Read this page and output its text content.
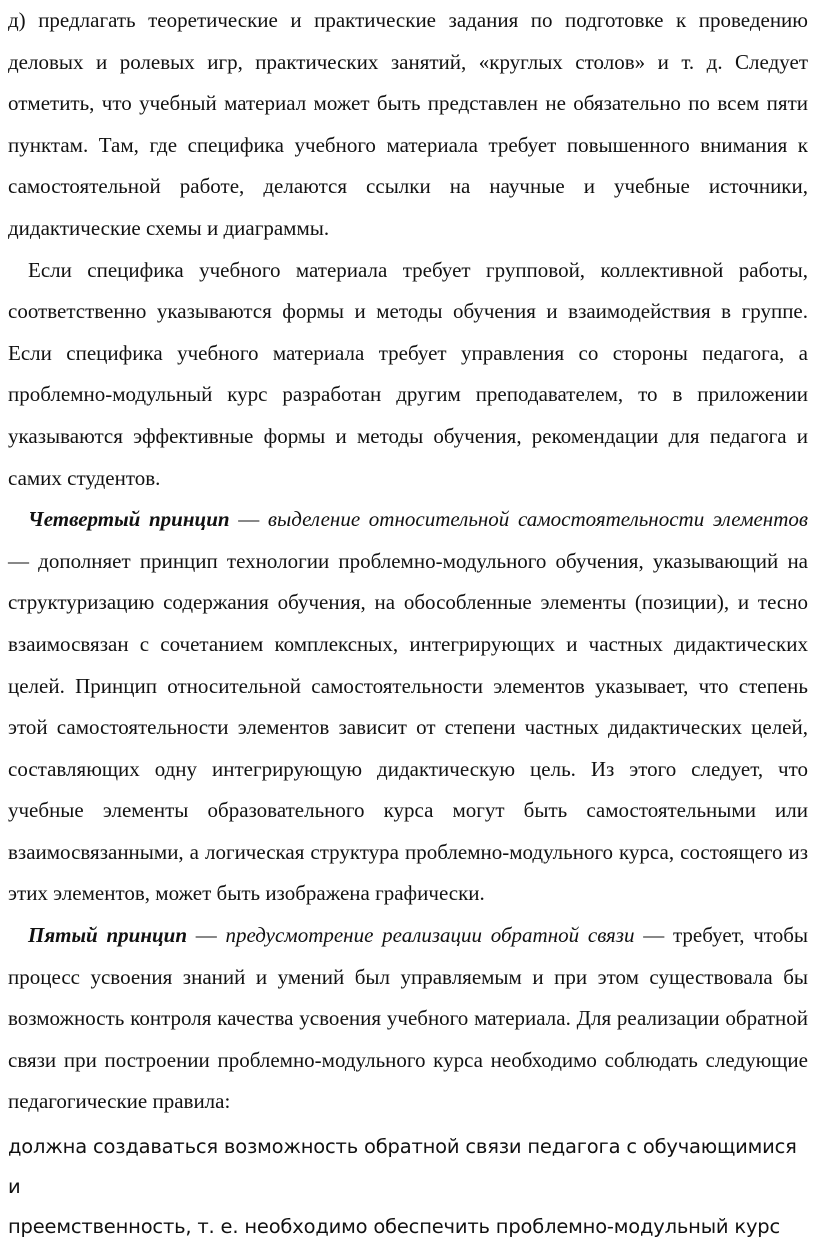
д) предлагать теоретические и практические задания по подготовке к проведению деловых и ролевых игр, практических занятий, «круглых столов» и т. д. Следует отметить, что учебный материал может быть представлен не обязательно по всем пяти пунктам. Там, где специфика учебного материала требует повышенного внимания к самостоятельной работе, делаются ссылки на научные и учебные источники, дидактические схемы и диаграммы.

Если специфика учебного материала требует групповой, коллективной работы, соответственно указываются формы и методы обучения и взаимодействия в группе. Если специфика учебного материала требует управления со стороны педагога, а проблемно-модульный курс разработан другим преподавателем, то в приложении указываются эффективные формы и методы обучения, рекомендации для педагога и самих студентов.

Четвертый принцип — выделение относительной самостоятельности элементов — дополняет принцип технологии проблемно-модульного обучения, указывающий на структуризацию содержания обучения, на обособленные элементы (позиции), и тесно взаимосвязан с сочетанием комплексных, интегрирующих и частных дидактических целей. Принцип относительной самостоятельности элементов указывает, что степень этой самостоятельности элементов зависит от степени частных дидактических целей, составляющих одну интегрирующую дидактическую цель. Из этого следует, что учебные элементы образовательного курса могут быть самостоятельными или взаимосвязанными, а логическая структура проблемно-модульного курса, состоящего из этих элементов, может быть изображена графически.

Пятый принцип — предусмотрение реализации обратной связи — требует, чтобы процесс усвоения знаний и умений был управляемым и при этом существовала бы возможность контроля качества усвоения учебного материала. Для реализации обратной связи при построении проблемно-модульного курса необходимо соблюдать следующие педагогические правила:

должна создаваться возможность обратной связи педагога с обучающимися и
преемственность, т. е. необходимо обеспечить проблемно-модульный курс
